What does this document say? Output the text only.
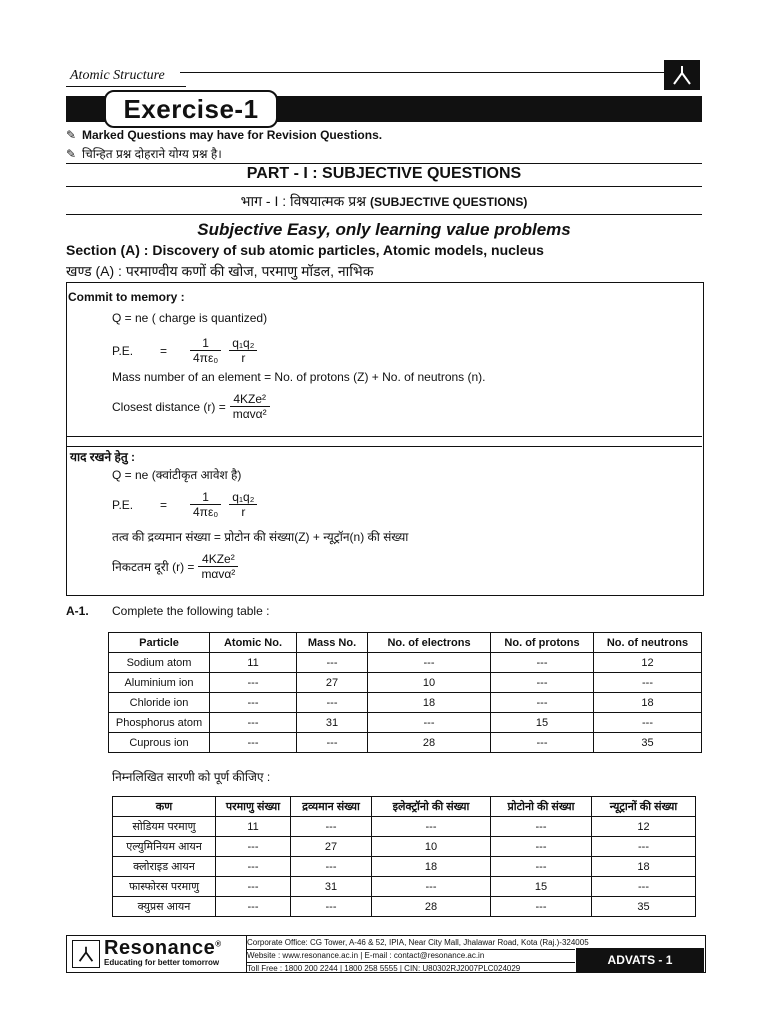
Atomic Structure
Exercise-1
✎ Marked Questions may have for Revision Questions.
✎ चिन्हित प्रश्न दोहराने योग्य प्रश्न है।
PART - I : SUBJECTIVE QUESTIONS
भाग - I : विषयात्मक प्रश्न (SUBJECTIVE QUESTIONS)
Subjective Easy, only learning value problems
Section (A) : Discovery of sub atomic particles, Atomic models, nucleus
खण्ड (A) : परमाण्वीय कणों की खोज, परमाणु मॉडल, नाभिक
Commit to memory :
Q = ne ( charge is quantized)
P.E.	=	$\frac{1}{\text{4πε₀}} \frac{\text{q₁q₂}}{r}$
Mass number of an element = No. of protons (Z) + No. of neutrons (n).
Closest distance $(r) = \frac{\text{4KZe²}}{\text{mαvα²}}$
याद रखने हेतु :
Q = ne (क्वांटीकृत आवेश है)
P.E.	=	$\frac{1}{\text{4πε₀}} \frac{\text{q₁q₂}}{r}$
तत्व की द्रव्यमान संख्या = प्रोटोन की संख्या(Z) + न्यूट्रॉन(n) की संख्या
निकटतम दूरी $(r) = \frac{\text{4KZe²}}{\text{mαvα²}}$
A-1. Complete the following table :
Particle	Atomic No.	Mass No.	No. of electrons	No. of protons	No. of neutrons
Sodium atom	11	---	---	---	12
Aluminium ion	---	27	10	---	---
Chloride ion	---	---	18	---	18
Phosphorus atom	---	31	---	15	---
Cuprous ion	---	---	28	---	35
निम्नलिखित सारणी को पूर्ण कीजिए :
कण	परमाणु संख्या	द्रव्यमान संख्या	इलेक्ट्रॉनो की संख्या	प्रोटोनो की संख्या	न्यूट्रानों की संख्या
सोडियम परमाणु	11	---	---	---	12
एल्युमिनियम आयन	---	27	10	---	---
क्लोराइड आयन	---	---	18	---	18
फास्फोरस परमाणु	---	31	---	15	---
क्युप्रस आयन	---	---	28	---	35
Resonance®
Educating for better tomorrow
Corporate Office: CG Tower, A-46 & 52, IPIA, Near City Mall, Jhalawar Road, Kota (Raj.)-324005
Website : www.resonance.ac.in | E-mail : contact@resonance.ac.in
Toll Free : 1800 200 2244 | 1800 258 5555 | CIN: U80302RJ2007PLC024029
ADVATS - 1
